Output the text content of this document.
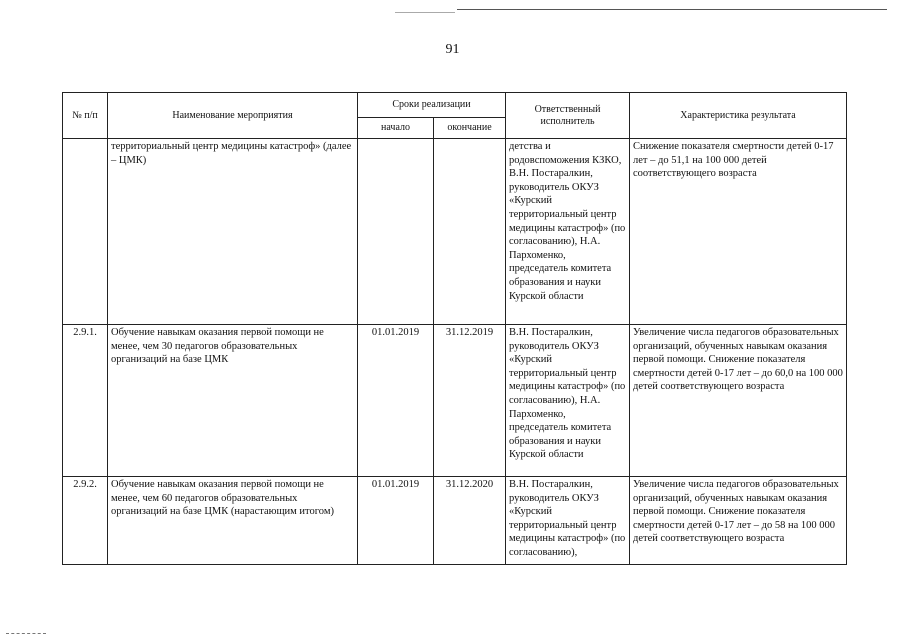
91
№ п/п	Наименование мероприятия	Сроки реализации		Ответственный исполнитель	Характеристика результата
		начало	окончание		
	территориальный центр медицины катастроф» (далее – ЦМК)			детства и родовспоможения КЗКО, В.Н. Постаралкин, руководитель ОКУЗ «Курский территориальный центр медицины катастроф» (по согласованию), Н.А. Пархоменко, председатель комитета образования и науки Курской области	Снижение показателя смертности детей 0-17 лет – до 51,1 на 100 000 детей соответствующего возраста
2.9.1.	Обучение навыкам оказания первой помощи не менее, чем 30 педагогов образовательных организаций на базе ЦМК	01.01.2019	31.12.2019	В.Н. Постаралкин, руководитель ОКУЗ «Курский территориальный центр медицины катастроф» (по согласованию), Н.А. Пархоменко, председатель комитета образования и науки Курской области	Увеличение числа педагогов образовательных организаций, обученных навыкам оказания первой помощи. Снижение показателя смертности детей 0-17 лет – до 60,0 на 100 000 детей соответствующего возраста
2.9.2.	Обучение навыкам оказания первой помощи не менее, чем 60 педагогов образовательных организаций на базе ЦМК (нарастающим итогом)	01.01.2019	31.12.2020	В.Н. Постаралкин, руководитель ОКУЗ «Курский территориальный центр медицины катастроф» (по согласованию),	Увеличение числа педагогов образовательных организаций, обученных навыкам оказания первой помощи. Снижение показателя смертности детей 0-17 лет – до 58 на 100 000 детей соответствующего возраста
